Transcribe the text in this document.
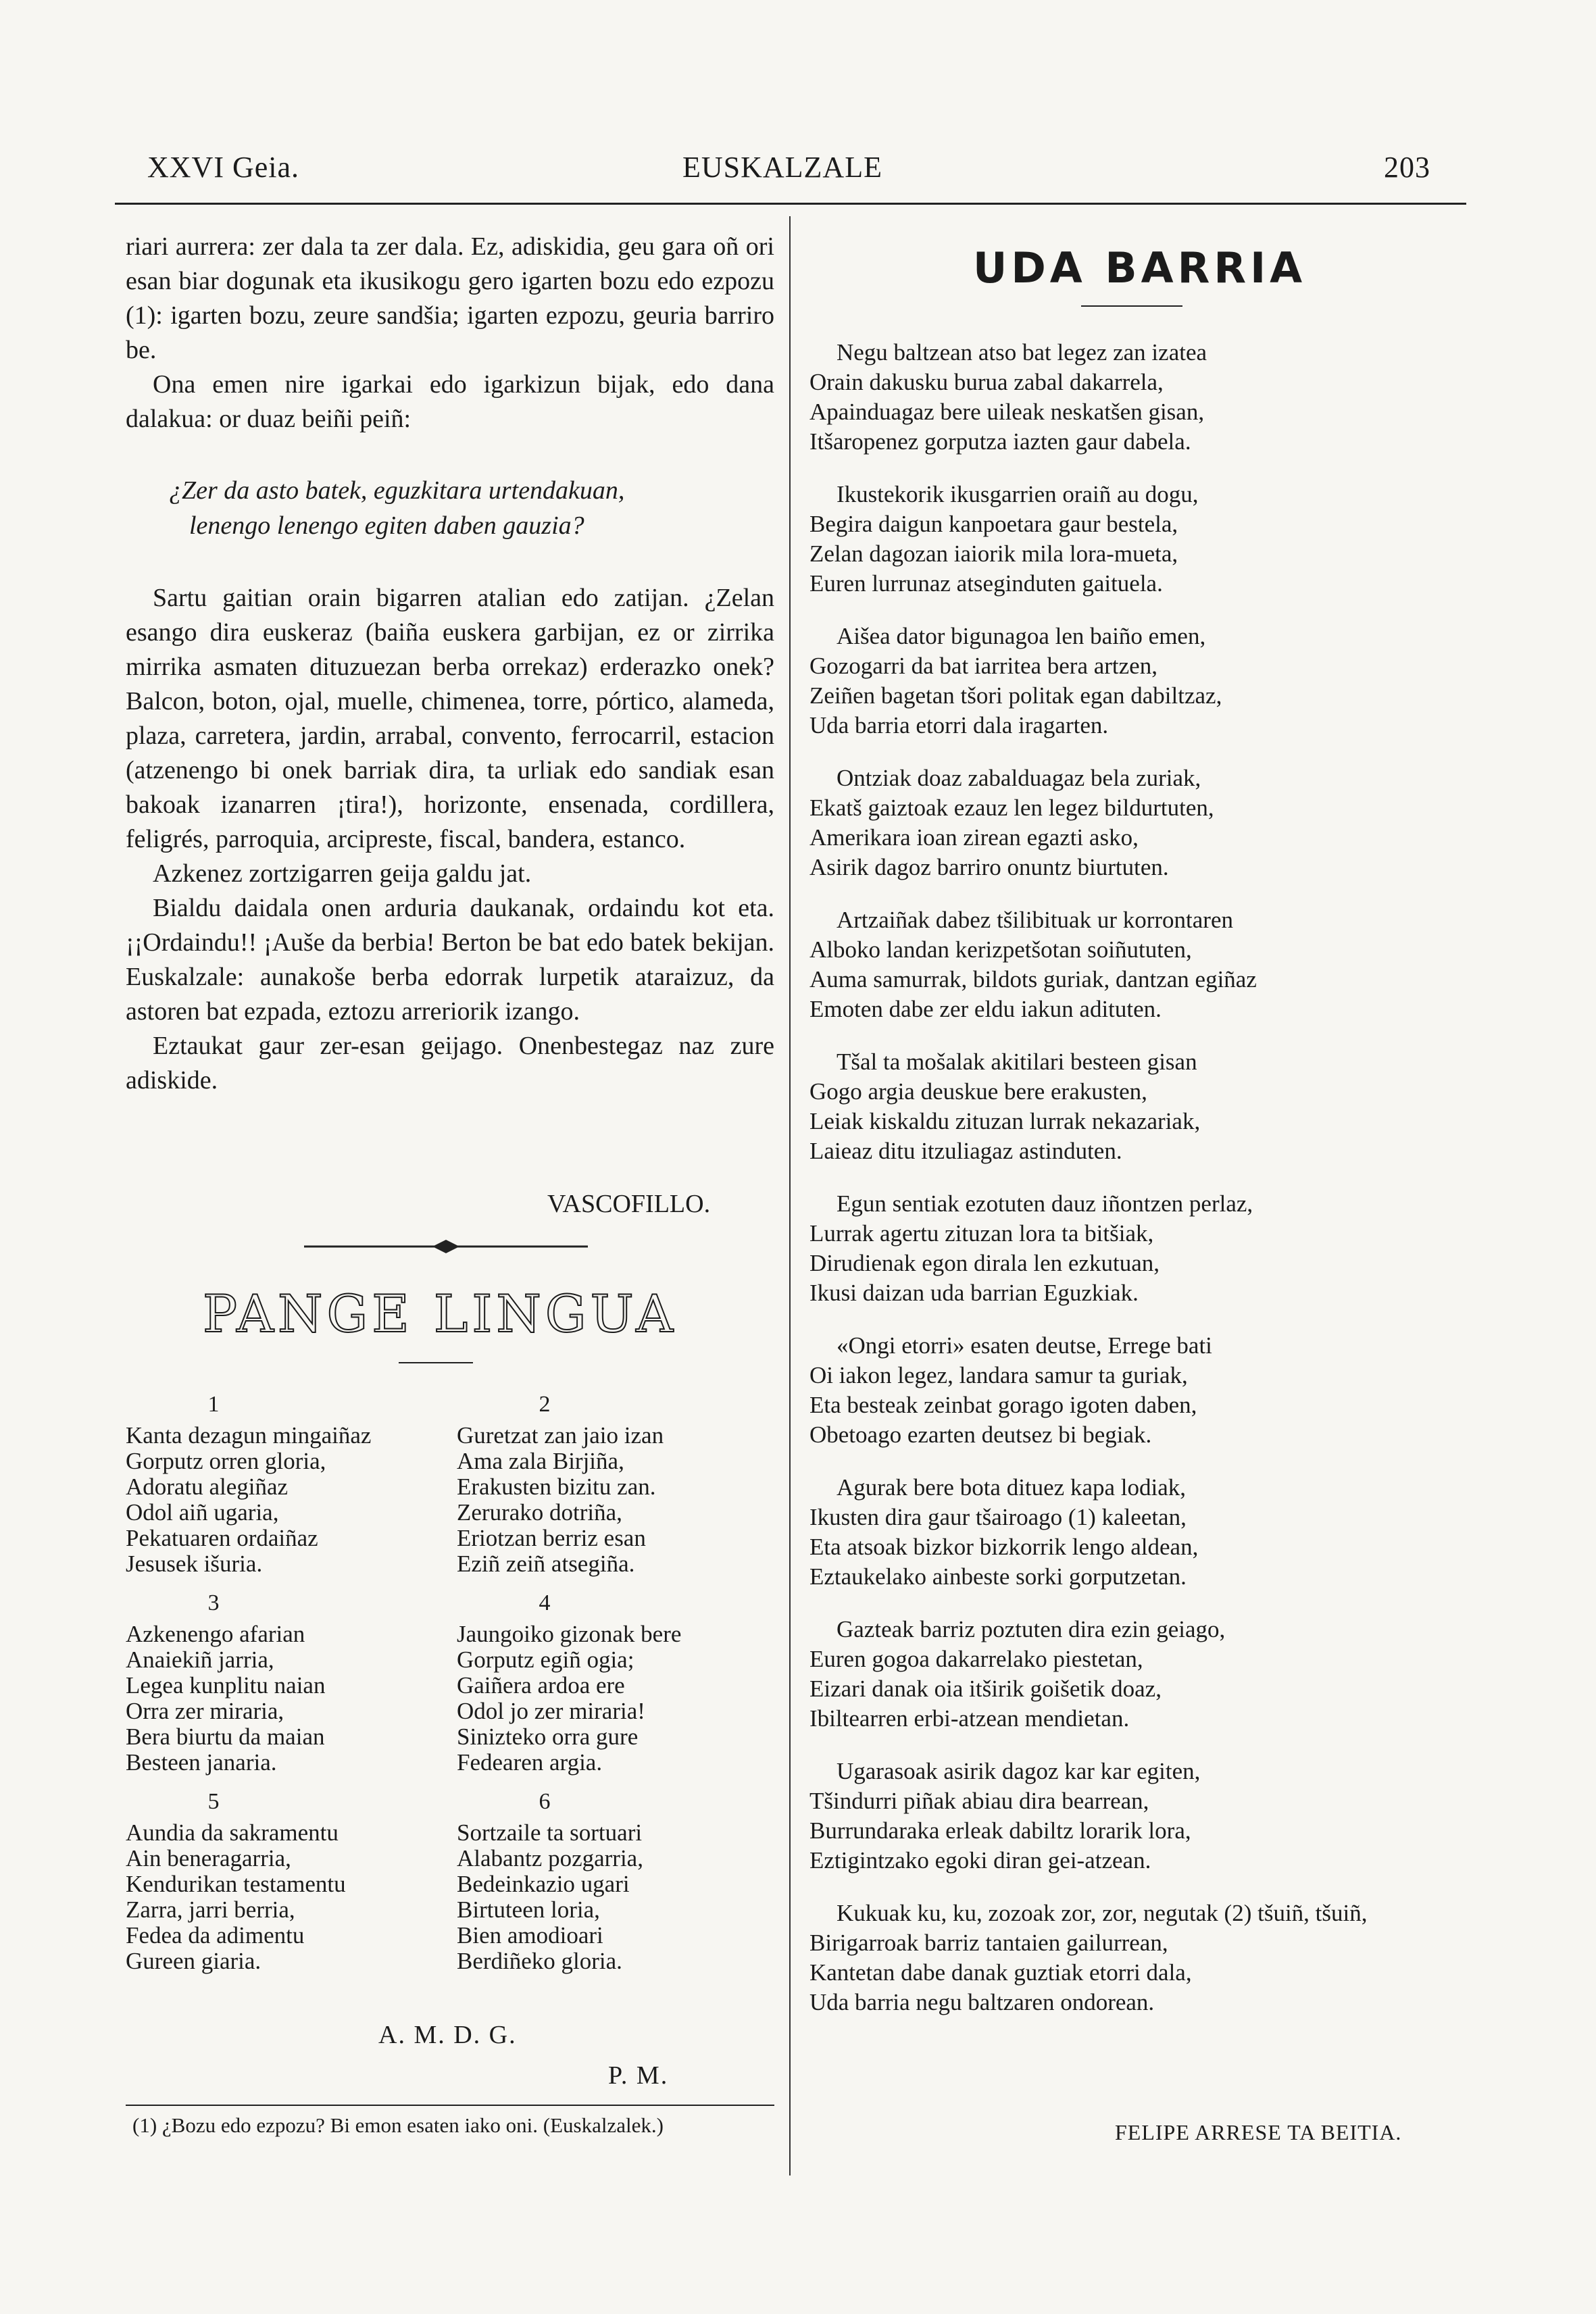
XXVI Geia.	EUSKALZALE	203

riari aurrera: zer dala ta zer dala. Ez, adiskidia, geu gara oñ ori esan biar dogunak eta ikusikogu gero igarten bozu edo ezpozu (1): igarten bozu, zeure sandšia; igarten ezpozu, geuria barriro be.

Ona emen nire igarkai edo igarkizun bijak, edo dana dalakua: or duaz beiñi peiñ:

¿Zer da asto batek, eguzkitara urtendakuan,
lenengo lenengo egiten daben gauzia?

Sartu gaitian orain bigarren atalian edo zatijan. ¿Zelan esango dira euskeraz (baiña euskera garbijan, ez or zirrika mirrika asmaten dituzuezan berba orrekaz) erderazko onek? Balcon, boton, ojal, muelle, chimenea, torre, pórtico, alameda, plaza, carretera, jardin, arrabal, convento, ferrocarril, estacion (atzenengo bi onek barriak dira, ta urliak edo sandiak esan bakoak izanarren ¡tira!), horizonte, ensenada, cordillera, feligrés, parroquia, arcipreste, fiscal, bandera, estanco.

Azkenez zortzigarren geija galdu jat.

Bialdu daidala onen arduria daukanak, ordaindu kot eta. ¡¡Ordaindu!! ¡Aušе da berbia! Berton be bat edo batek bekijan. Euskalzale: aunakoše berba edorrak lurpetik ataraizuz, da astoren bat ezpada, eztozu arreriorik izango.

Eztaukat gaur zer-esan geijago. Onenbestegaz naz zure adiskide.

VASCOFILLO.
PANGE LINGUA
1
Kanta dezagun mingaiñaz
Gorputz orren gloria,
Adoratu alegiñaz
Odol aiñ ugaria,
Pekatuaren ordaiñaz
Jesusek išuria.
2
Guretzat zan jaio izan
Ama zala Birjiña,
Erakusten bizitu zan.
Zerurako dotriña,
Eriotzan berriz esan
Eziñ zeiñ atsegiña.
3
Azkenengo afarian
Anaiekiñ jarria,
Legea kunplitu naian
Orra zer miraria,
Bera biurtu da maian
Besteen janaria.
4
Jaungoiko gizonak bere
Gorputz egiñ ogia;
Gaiñera ardoa ere
Odol jo zer miraria!
Sinizteko orra gure
Fedearen argia.
5
Aundia da sakramentu
Ain beneragarria,
Kendurikan testamentu
Zarra, jarri berria,
Fedea da adimentu
Gureen giaria.
6
Sortzaile ta sortuari
Alabantz pozgarria,
Bedeinkazio ugari
Birtuteen loria,
Bien amodioari
Berdiñeko gloria.
A. M. D. G.
P. M.
(1) ¿Bozu edo ezpozu? Bi emon esaten iako oni. (Euskalzalek.)
UDA BARRIA
Negu baltzean atso bat legez zan izatea
Orain dakusku burua zabal dakarrela,
Apainduagaz bere uileak neskatšen gisan,
Itšaropenez gorputza iazten gaur dabela.
Ikustekorik ikusgarrien oraiñ au dogu,
Begira daigun kanpoetara gaur bestela,
Zelan dagozan iaiorik mila lora-mueta,
Euren lurrunaz atseginduten gaituela.
Aišea dator bigunagoa len baiño emen,
Gozogarri da bat iarritea bera artzen,
Zeiñen bagetan tšori politak egan dabiltzaz,
Uda barria etorri dala iragarten.
Ontziak doaz zabalduagaz bela zuriak,
Ekatš gaiztoak ezauz len legez bildurtuten,
Amerikara ioan zirean egazti asko,
Asirik dagoz barriro onuntz biurtuten.
Artzaiñak dabez tšilibituak ur korrontaren
Alboko landan kerizpetšotan soiñututen,
Auma samurrak, bildots guriak, dantzan egiñaz
Emoten dabe zer eldu iakun adituten.
Tšal ta mošalak akitilari besteen gisan
Gogo argia deuskue bere erakusten,
Leiak kiskaldu zituzan lurrak nekazariak,
Laieaz ditu itzuliagaz astinduten.
Egun sentiak ezotuten dauz iñontzen perlaz,
Lurrak agertu zituzan lora ta bitšiak,
Dirudienak egon dirala len ezkutuan,
Ikusi daizan uda barrian Eguzkiak.
«Ongi etorri» esaten deutse, Erregе bati
Oi iakon legez, landara samur ta guriak,
Eta besteak zeinbat gorago igoten daben,
Obetoago ezarten deutsez bi begiak.
Agurak bere bota dituez kapa lodiak,
Ikusten dira gaur tšairoago (1) kaleetan,
Eta atsoak bizkor bizkorrik lengo aldean,
Eztaukelako ainbeste sorki gorputzetan.
Gazteak barriz poztuten dira ezin geiago,
Euren gogoa dakarrelako piestetan,
Eizari danak oia itširik goišetik doaz,
Ibiltearren erbi-atzean mendietan.
Ugarasoak asirik dagoz kar kar egiten,
Tšindurri piñak abiau dira bearrean,
Burrundaraka erleak dabiltz lorarik lora,
Eztigintzako egoki diran gei-atzean.
Kukuak ku, ku, zozoak zor, zor, negutak (2) tšuiñ, tšuiñ,
Birigarroak barriz tantaien gailurrean,
Kantetan dabe danak guztiak etorri dala,
Uda barria negu baltzaren ondorean.
FELIPE ARRESE TA BEITIA.
